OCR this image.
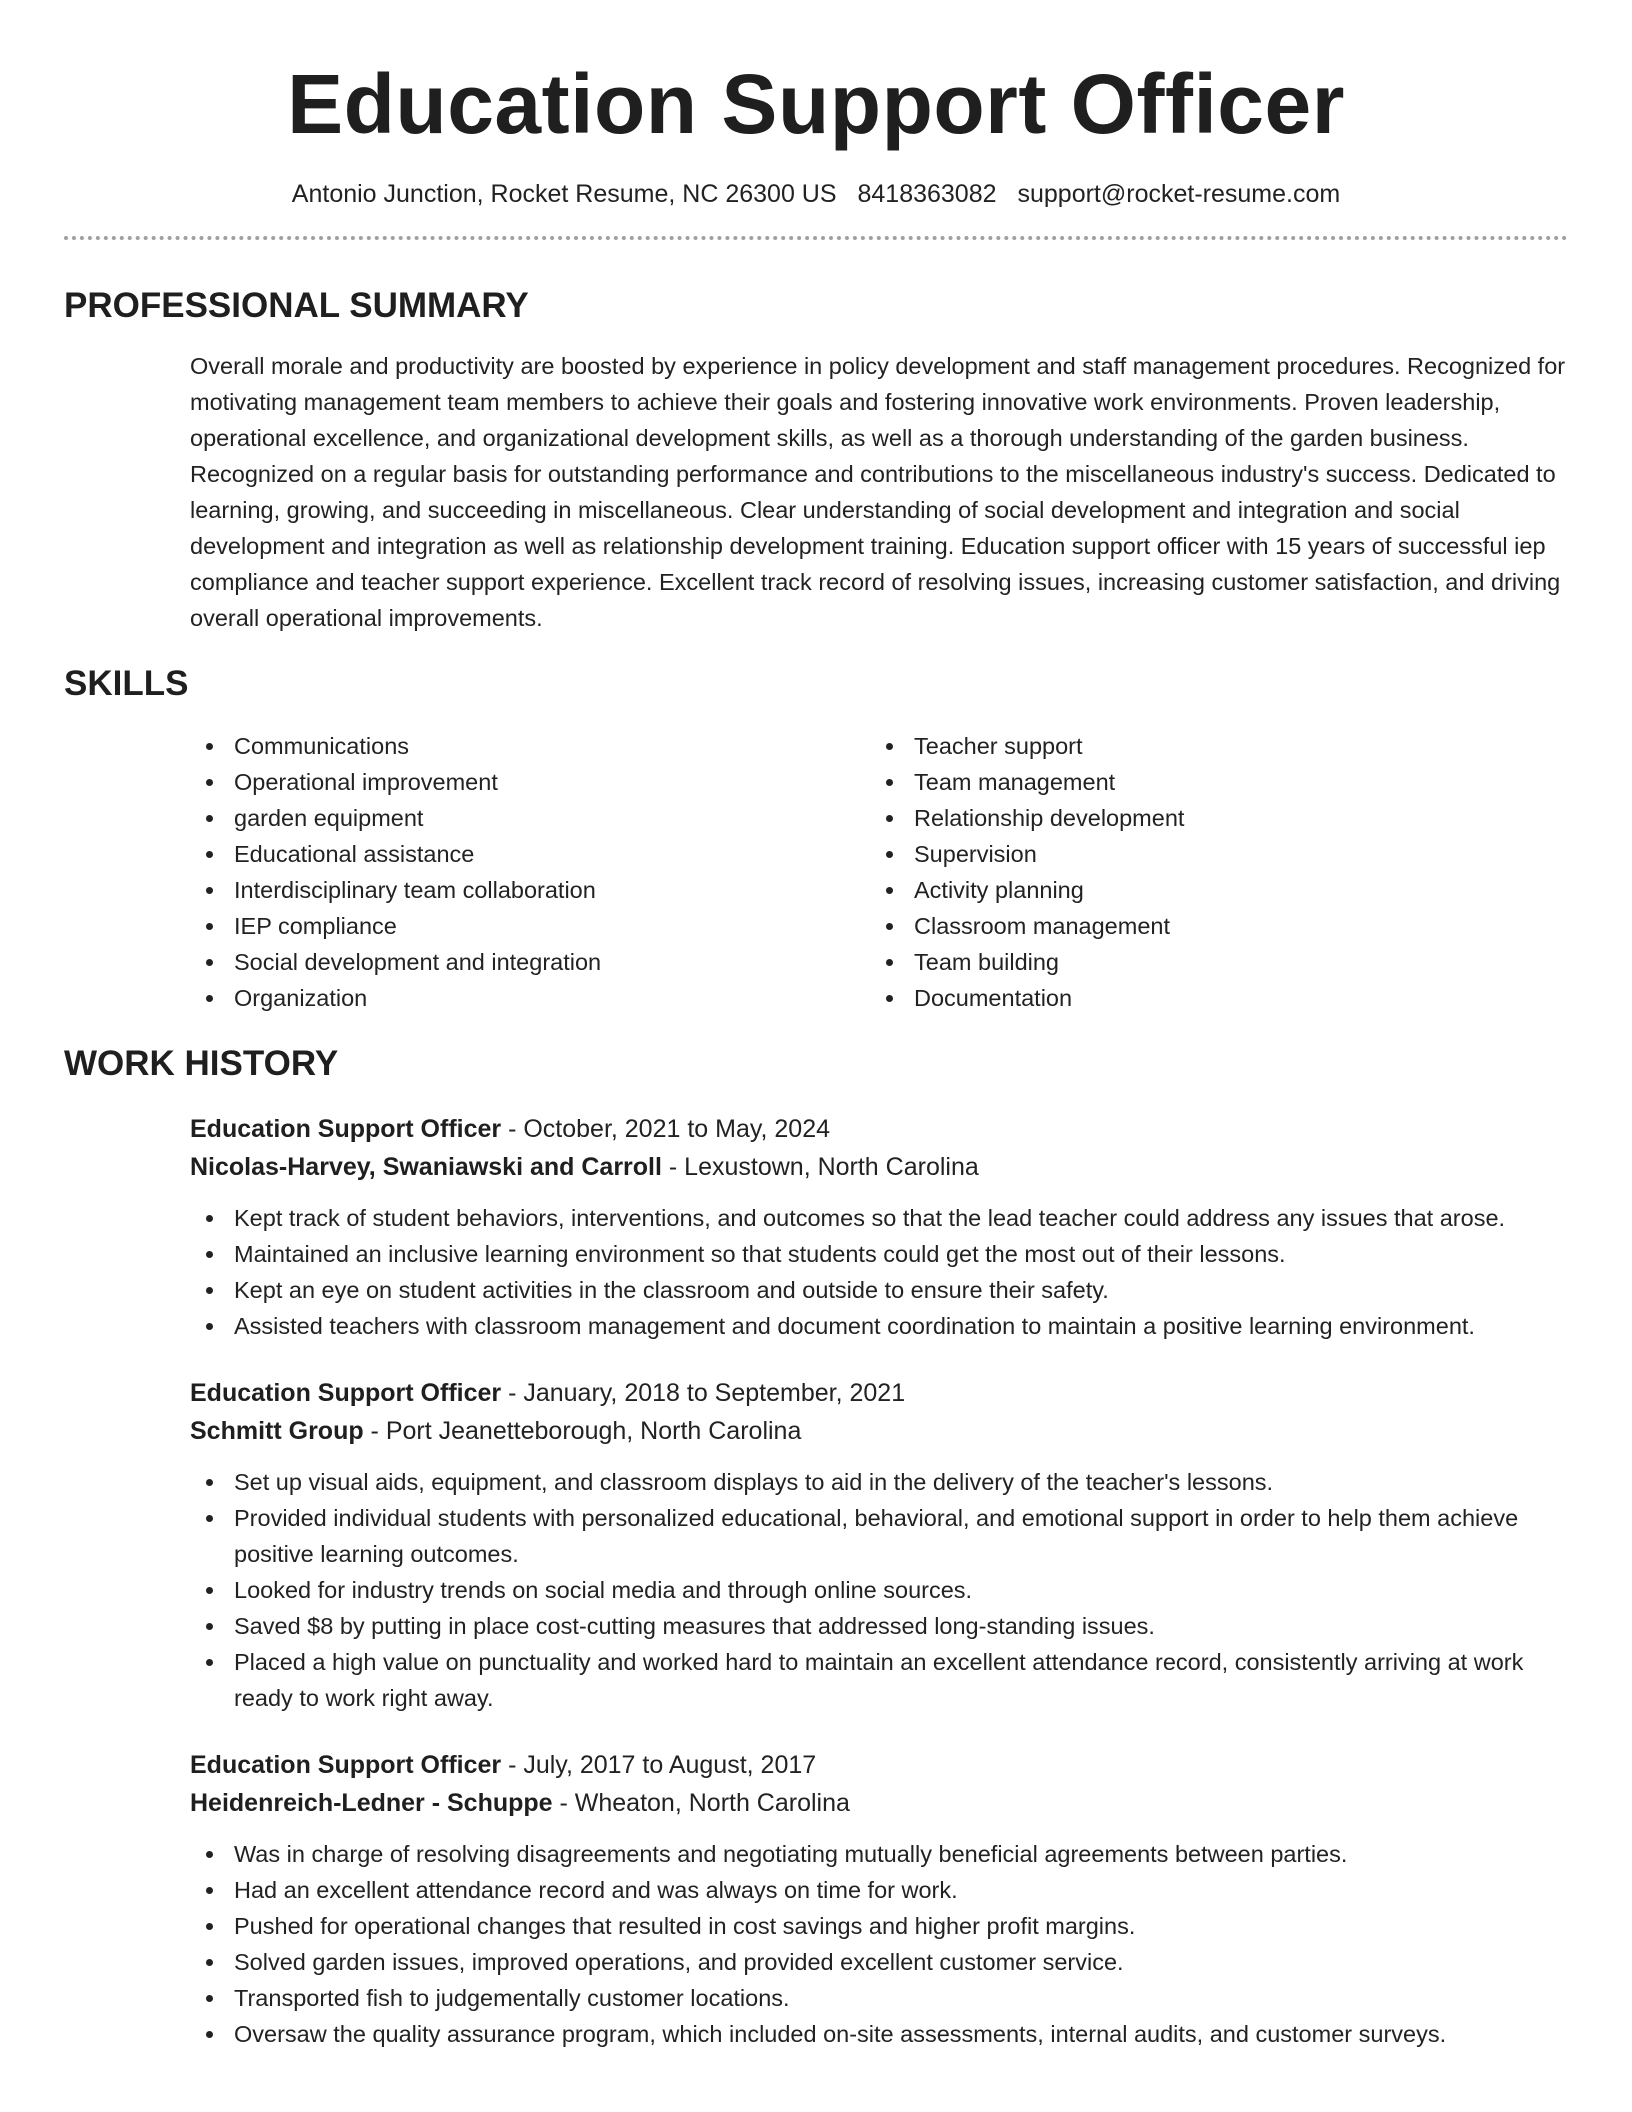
Education Support Officer
Antonio Junction, Rocket Resume, NC 26300 US 8418363082 support@rocket-resume.com
PROFESSIONAL SUMMARY

Overall morale and productivity are boosted by experience in policy development and staff management procedures. Recognized for motivating management team members to achieve their goals and fostering innovative work environments. Proven leadership, operational excellence, and organizational development skills, as well as a thorough understanding of the garden business. Recognized on a regular basis for outstanding performance and contributions to the miscellaneous industry's success. Dedicated to learning, growing, and succeeding in miscellaneous. Clear understanding of social development and integration and social development and integration as well as relationship development training. Education support officer with 15 years of successful iep compliance and teacher support experience. Excellent track record of resolving issues, increasing customer satisfaction, and driving overall operational improvements.

SKILLS
Communications
Operational improvement
garden equipment
Educational assistance
Interdisciplinary team collaboration
IEP compliance
Social development and integration
Organization
Teacher support
Team management
Relationship development
Supervision
Activity planning
Classroom management
Team building
Documentation
WORK HISTORY
Education Support Officer - October, 2021 to May, 2024
Nicolas-Harvey, Swaniawski and Carroll - Lexustown, North Carolina
Kept track of student behaviors, interventions, and outcomes so that the lead teacher could address any issues that arose.
Maintained an inclusive learning environment so that students could get the most out of their lessons.
Kept an eye on student activities in the classroom and outside to ensure their safety.
Assisted teachers with classroom management and document coordination to maintain a positive learning environment.
Education Support Officer - January, 2018 to September, 2021
Schmitt Group - Port Jeanetteborough, North Carolina
Set up visual aids, equipment, and classroom displays to aid in the delivery of the teacher's lessons.
Provided individual students with personalized educational, behavioral, and emotional support in order to help them achieve positive learning outcomes.
Looked for industry trends on social media and through online sources.
Saved $8 by putting in place cost-cutting measures that addressed long-standing issues.
Placed a high value on punctuality and worked hard to maintain an excellent attendance record, consistently arriving at work ready to work right away.
Education Support Officer - July, 2017 to August, 2017
Heidenreich-Ledner - Schuppe - Wheaton, North Carolina
Was in charge of resolving disagreements and negotiating mutually beneficial agreements between parties.
Had an excellent attendance record and was always on time for work.
Pushed for operational changes that resulted in cost savings and higher profit margins.
Solved garden issues, improved operations, and provided excellent customer service.
Transported fish to judgementally customer locations.
Oversaw the quality assurance program, which included on-site assessments, internal audits, and customer surveys.
